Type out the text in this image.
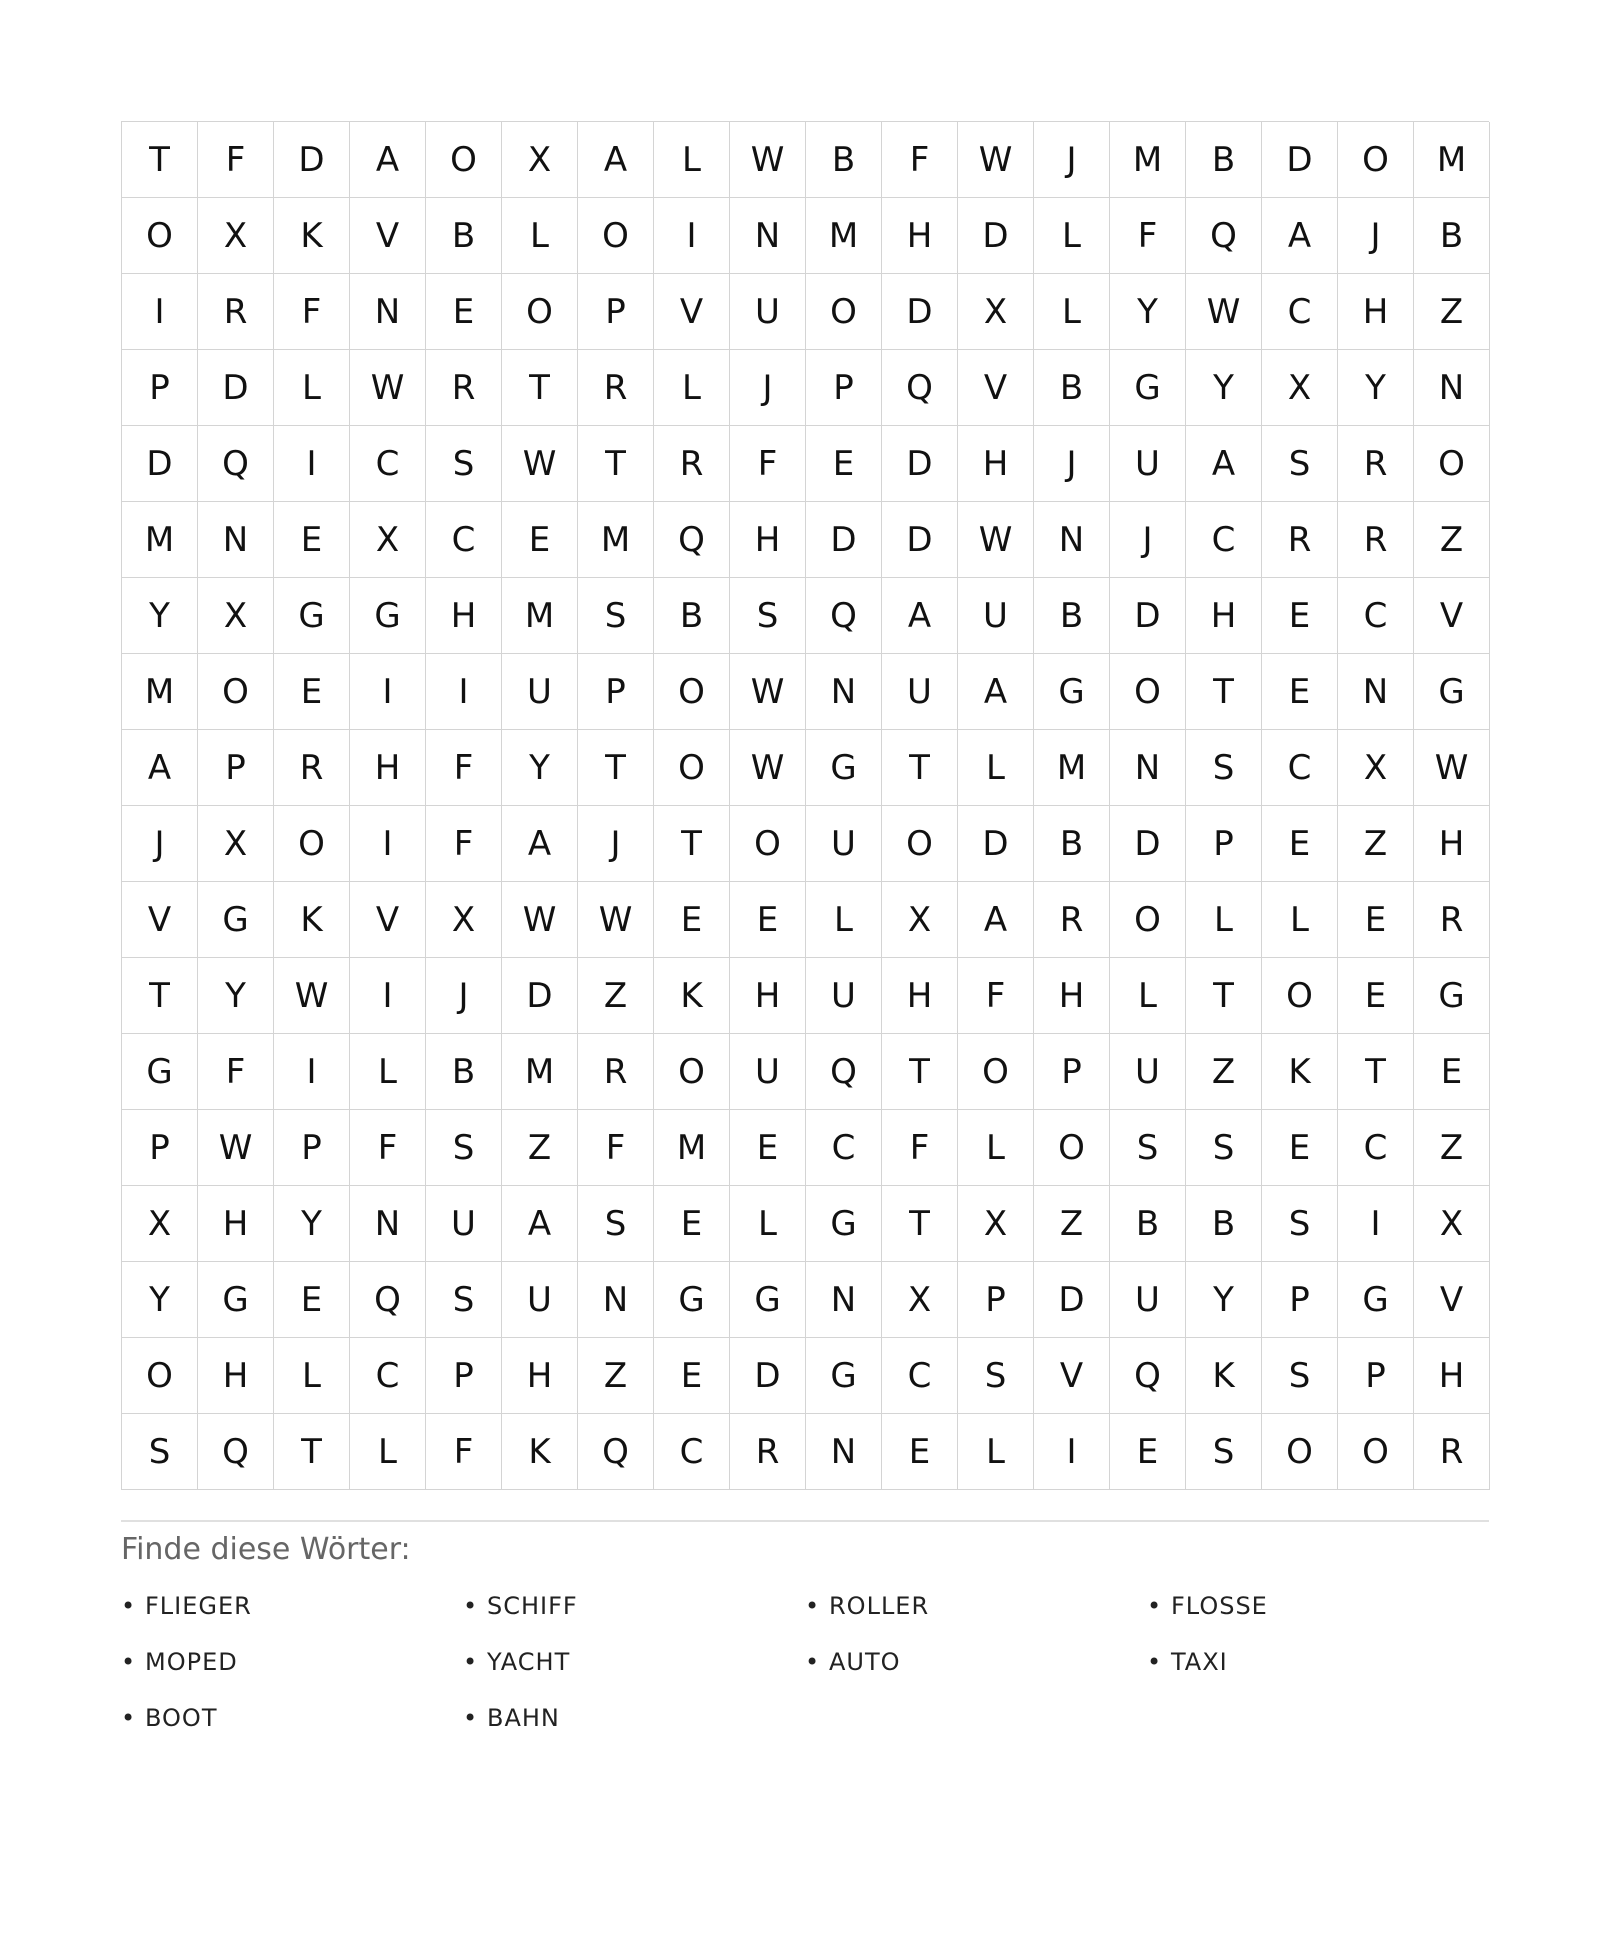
T	F	D	A	O	X	A	L	W	B	F	W	J	M	B	D	O	M
O	X	K	V	B	L	O	I	N	M	H	D	L	F	Q	A	J	B
I	R	F	N	E	O	P	V	U	O	D	X	L	Y	W	C	H	Z
P	D	L	W	R	T	R	L	J	P	Q	V	B	G	Y	X	Y	N
D	Q	I	C	S	W	T	R	F	E	D	H	J	U	A	S	R	O
M	N	E	X	C	E	M	Q	H	D	D	W	N	J	C	R	R	Z
Y	X	G	G	H	M	S	B	S	Q	A	U	B	D	H	E	C	V
M	O	E	I	I	U	P	O	W	N	U	A	G	O	T	E	N	G
A	P	R	H	F	Y	T	O	W	G	T	L	M	N	S	C	X	W
J	X	O	I	F	A	J	T	O	U	O	D	B	D	P	E	Z	H
V	G	K	V	X	W	W	E	E	L	X	A	R	O	L	L	E	R
T	Y	W	I	J	D	Z	K	H	U	H	F	H	L	T	O	E	G
G	F	I	L	B	M	R	O	U	Q	T	O	P	U	Z	K	T	E
P	W	P	F	S	Z	F	M	E	C	F	L	O	S	S	E	C	Z
X	H	Y	N	U	A	S	E	L	G	T	X	Z	B	B	S	I	X
Y	G	E	Q	S	U	N	G	G	N	X	P	D	U	Y	P	G	V
O	H	L	C	P	H	Z	E	D	G	C	S	V	Q	K	S	P	H
S	Q	T	L	F	K	Q	C	R	N	E	L	I	E	S	O	O	R
Finde diese Wörter:
• FLIEGER	• SCHIFF	• ROLLER	• FLOSSE
• MOPED	• YACHT	• AUTO	• TAXI
• BOOT	• BAHN
